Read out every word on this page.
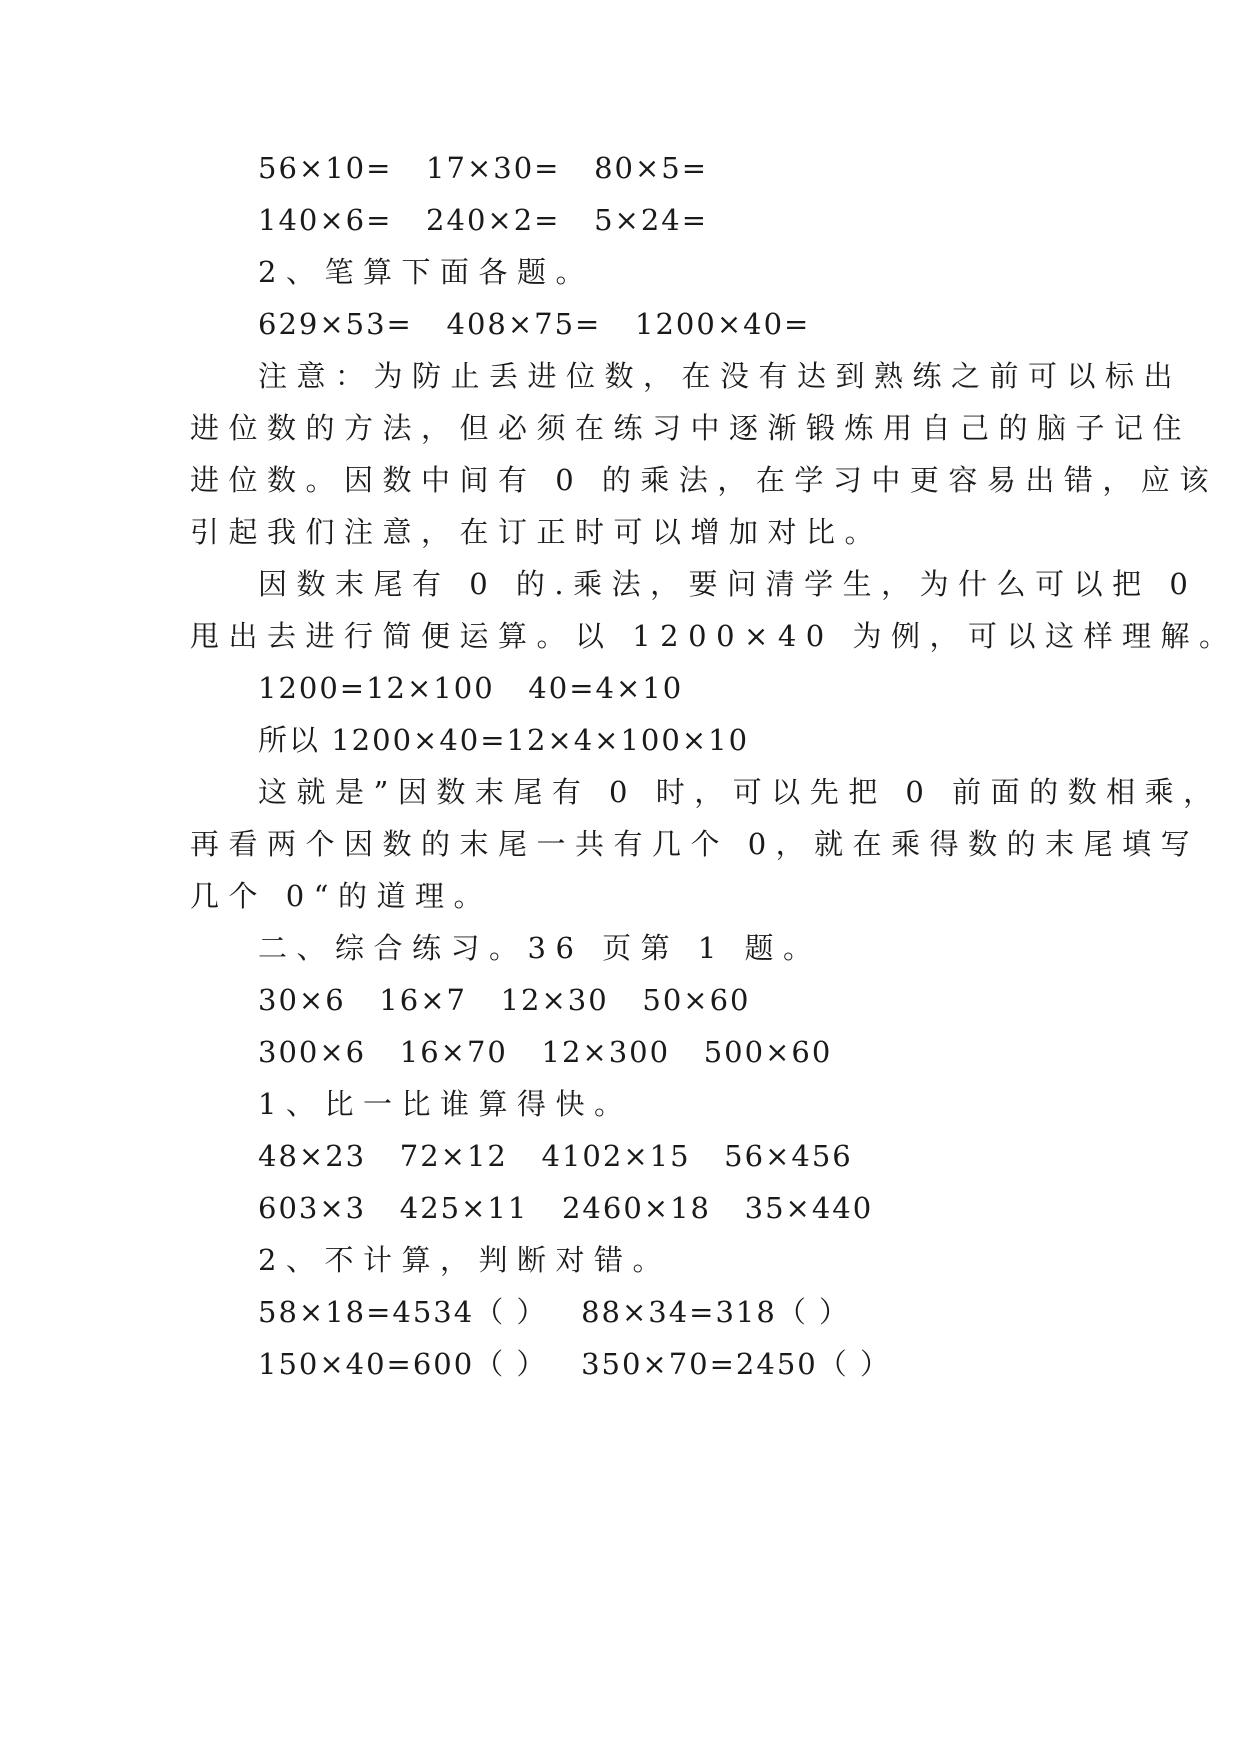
56×10=   17×30=   80×5=
140×6=   240×2=   5×24=
2、笔算下面各题。
629×53=   408×75=   1200×40=
注意：为防止丢进位数，在没有达到熟练之前可以标出
进位数的方法，但必须在练习中逐渐锻炼用自己的脑子记住
进位数。因数中间有 0 的乘法，在学习中更容易出错，应该
引起我们注意，在订正时可以增加对比。
因数末尾有 0 的.乘法，要问清学生，为什么可以把 0
甩出去进行简便运算。以 1200×40 为例，可以这样理解。
1200=12×100   40=4×10
所以 1200×40=12×4×100×10
这就是”因数末尾有 0 时，可以先把 0 前面的数相乘，
再看两个因数的末尾一共有几个 0，就在乘得数的末尾填写
几个 0“的道理。
二、综合练习。36 页第 1 题。
30×6   16×7   12×30   50×60
300×6   16×70   12×300   500×60
1、比一比谁算得快。
48×23   72×12   4102×15   56×456
603×3   425×11   2460×18   35×440
2、不计算，判断对错。
58×18=4534（ ）   88×34=318（ ）
150×40=600（ ）   350×70=2450（ ）
